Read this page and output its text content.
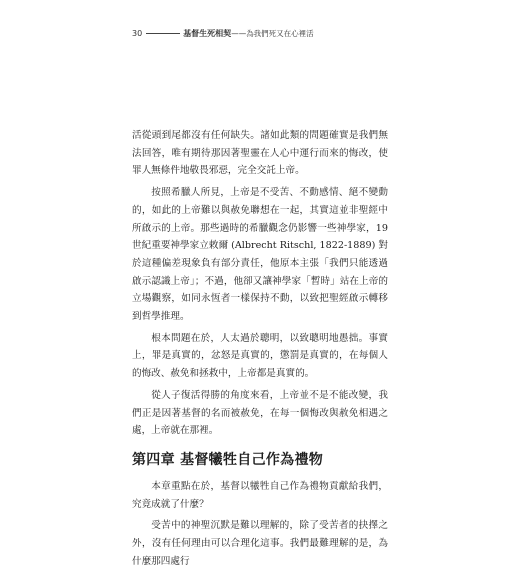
30	基督生死相契 ——為我們死又在心裡活

活從頭到尾都沒有任何缺失。諸如此類的問題確實是我們無法回答，唯有期待那因著聖靈在人心中運行而來的悔改，使罪人無條件地敬畏邪惡，完全交託上帝。

按照希臘人所見，上帝是不受苦、不動感情、絕不變動的，如此的上帝難以與赦免聯想在一起，其實這並非聖經中所啟示的上帝。那些過時的希臘觀念仍影響一些神學家，19 世紀重要神學家立敕爾 (Albrecht Ritschl, 1822-1889) 對於這種偏差現象負有部分責任，他原本主張「我們只能透過啟示認識上帝」；不過，他卻又讓神學家「暫時」站在上帝的立場觀察，如同永恆者一樣保持不動，以致把聖經啟示轉移到哲學推理。

根本問題在於，人太過於聰明，以致聰明地愚拙。事實上，罪是真實的，忿怒是真實的，懲罰是真實的，在每個人的悔改、赦免和拯救中，上帝都是真實的。

從人子復活得勝的角度來看，上帝並不是不能改變，我們正是因著基督的名而被赦免，在每一個悔改與赦免相遇之處，上帝就在那裡。

第四章 基督犧牲自己作為禮物

本章重點在於，基督以犧牲自己作為禮物貢獻給我們，究竟成就了什麼？

受苦中的神聖沉默是難以理解的，除了受苦者的抉擇之外，沒有任何理由可以合理化這事。我們最難理解的是，為什麼那四處行
